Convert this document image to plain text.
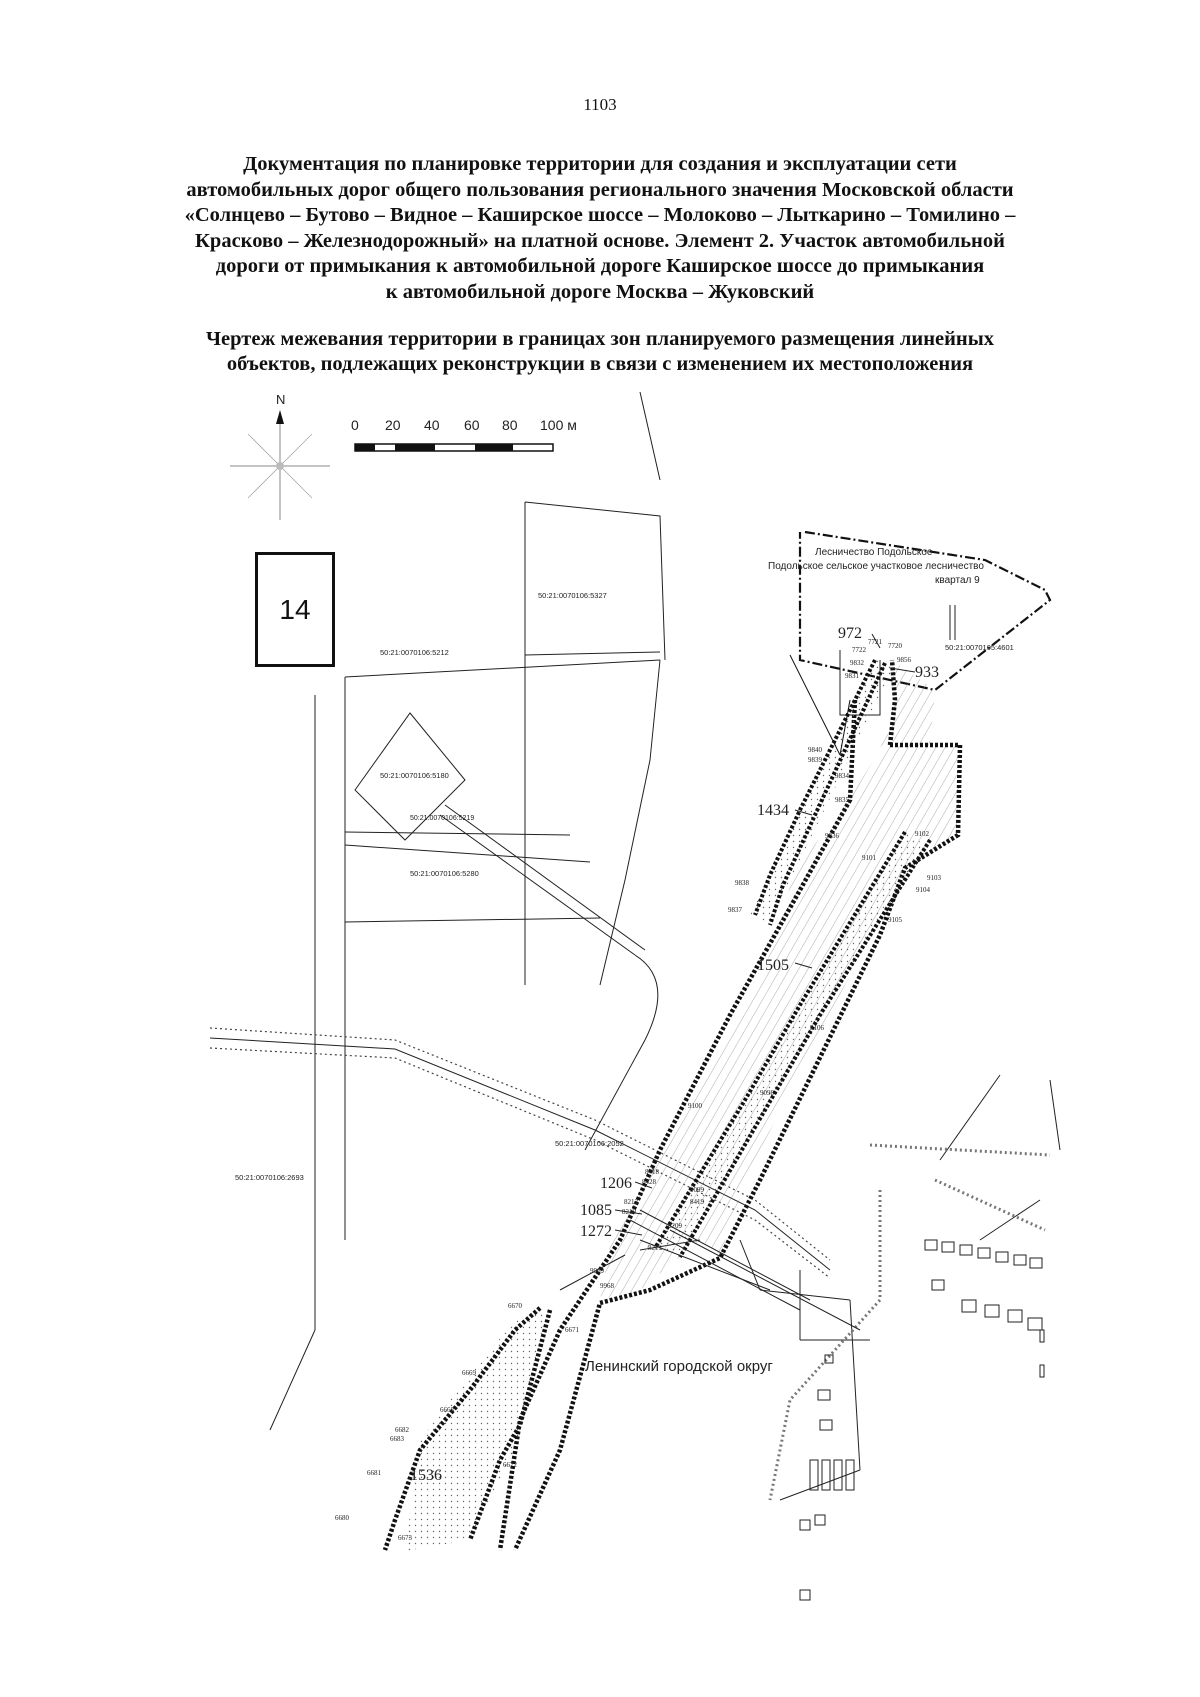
1103
Документация по планировке территории для создания и эксплуатации сети
автомобильных дорог общего пользования регионального значения Московской области
«Солнцево – Бутово – Видное – Каширское шоссе – Молоково – Лыткарино – Томилино –
Красково – Железнодорожный» на платной основе. Элемент 2. Участок автомобильной
дороги от примыкания к автомобильной дороге Каширское шоссе до примыкания
к автомобильной дороге Москва – Жуковский
Чертеж межевания территории в границах зон планируемого размещения линейных
объектов, подлежащих реконструкции в связи с изменением их местоположения
N
0 20 40 60 80 100 м
50:21:0070106:5327
50:21:0070106:5212
50:21:0070106:5180
50:21:0070106:5219
50:21:0070106:5280
50:21:0070105:4601
50:21:0070106:2693
50:21:0070106:2052
Лесничество Подольское
Подольское сельское участковое лесничество
квартал 9
Ленинский городской округ
972
933
1434
1505
1206
1085
1272
1536
7722
7721 7720
9832
9831
9856
9840
9839
9834
9835
9836
9838
9837
9102
9101
9103
9104
9105
9106
9100
9098
8418
8428
9099
8419
8212
8210
8209
8211
9969
9968
6670
6671
6669
6668
6682
6683
6681
6672
6680
6673
14
